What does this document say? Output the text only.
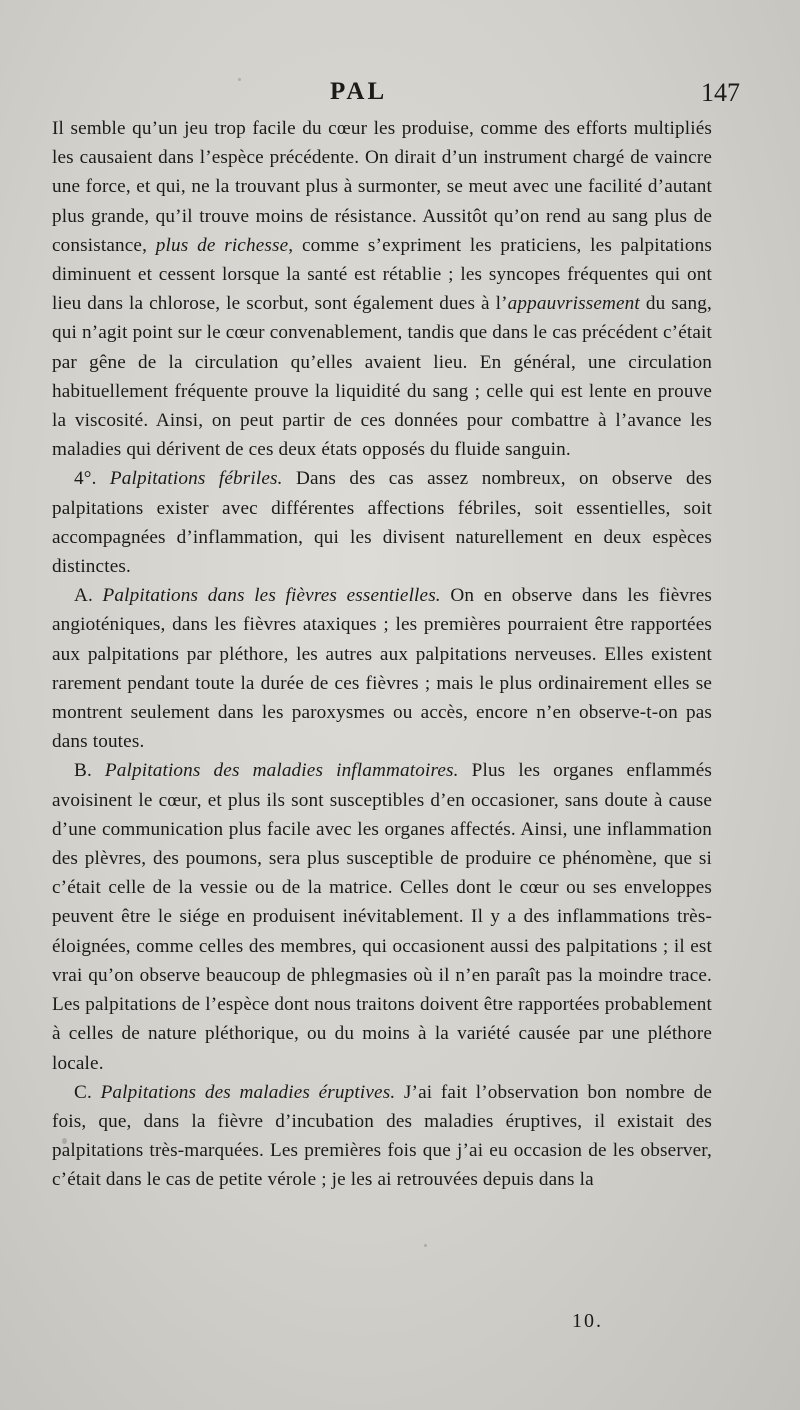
PAL	147

Il semble qu’un jeu trop facile du cœur les produise, comme des efforts multipliés les causaient dans l’espèce précédente. On dirait d’un instrument chargé de vaincre une force, et qui, ne la trouvant plus à surmonter, se meut avec une facilité d’autant plus grande, qu’il trouve moins de résistance. Aussitôt qu’on rend au sang plus de consistance, plus de richesse, comme s’expriment les praticiens, les palpitations diminuent et cessent lorsque la santé est rétablie ; les syncopes fréquentes qui ont lieu dans la chlorose, le scorbut, sont également dues à l’appauvrissement du sang, qui n’agit point sur le cœur convenablement, tandis que dans le cas précédent c’était par gêne de la circulation qu’elles avaient lieu. En général, une circulation habituellement fréquente prouve la liquidité du sang ; celle qui est lente en prouve la viscosité. Ainsi, on peut partir de ces données pour combattre à l’avance les maladies qui dérivent de ces deux états opposés du fluide sanguin.

4°. Palpitations fébriles. Dans des cas assez nombreux, on observe des palpitations exister avec différentes affections fébriles, soit essentielles, soit accompagnées d’inflammation, qui les divisent naturellement en deux espèces distinctes.

A. Palpitations dans les fièvres essentielles. On en observe dans les fièvres angioténiques, dans les fièvres ataxiques ; les premières pourraient être rapportées aux palpitations par pléthore, les autres aux palpitations nerveuses. Elles existent rarement pendant toute la durée de ces fièvres ; mais le plus ordinairement elles se montrent seulement dans les paroxysmes ou accès, encore n’en observe-t-on pas dans toutes.

B. Palpitations des maladies inflammatoires. Plus les organes enflammés avoisinent le cœur, et plus ils sont susceptibles d’en occasioner, sans doute à cause d’une communication plus facile avec les organes affectés. Ainsi, une inflammation des plèvres, des poumons, sera plus susceptible de produire ce phénomène, que si c’était celle de la vessie ou de la matrice. Celles dont le cœur ou ses enveloppes peuvent être le siége en produisent inévitablement. Il y a des inflammations très-éloignées, comme celles des membres, qui occasionent aussi des palpitations ; il est vrai qu’on observe beaucoup de phlegmasies où il n’en paraît pas la moindre trace. Les palpitations de l’espèce dont nous traitons doivent être rapportées probablement à celles de nature pléthorique, ou du moins à la variété causée par une pléthore locale.

C. Palpitations des maladies éruptives. J’ai fait l’observation bon nombre de fois, que, dans la fièvre d’incubation des maladies éruptives, il existait des palpitations très-marquées. Les premières fois que j’ai eu occasion de les observer, c’était dans le cas de petite vérole ; je les ai retrouvées depuis dans la

10.
